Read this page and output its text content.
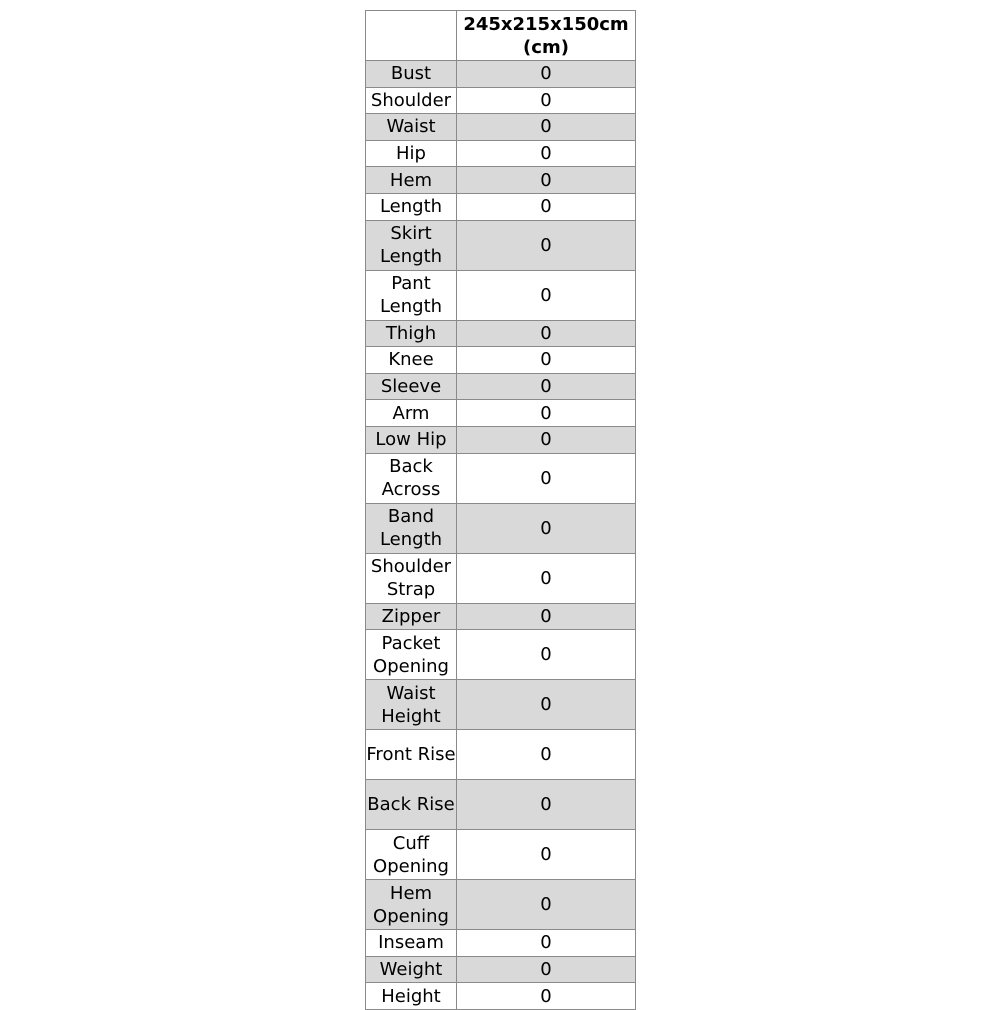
	245x215x150cm
(cm)
Bust	0
Shoulder	0
Waist	0
Hip	0
Hem	0
Length	0
Skirt Length	0
Pant Length	0
Thigh	0
Knee	0
Sleeve	0
Arm	0
Low Hip	0
Back Across	0
Band Length	0
Shoulder Strap	0
Zipper	0
Packet Opening	0
Waist Height	0
Front Rise	0
Back Rise	0
Cuff Opening	0
Hem Opening	0
Inseam	0
Weight	0
Height	0
